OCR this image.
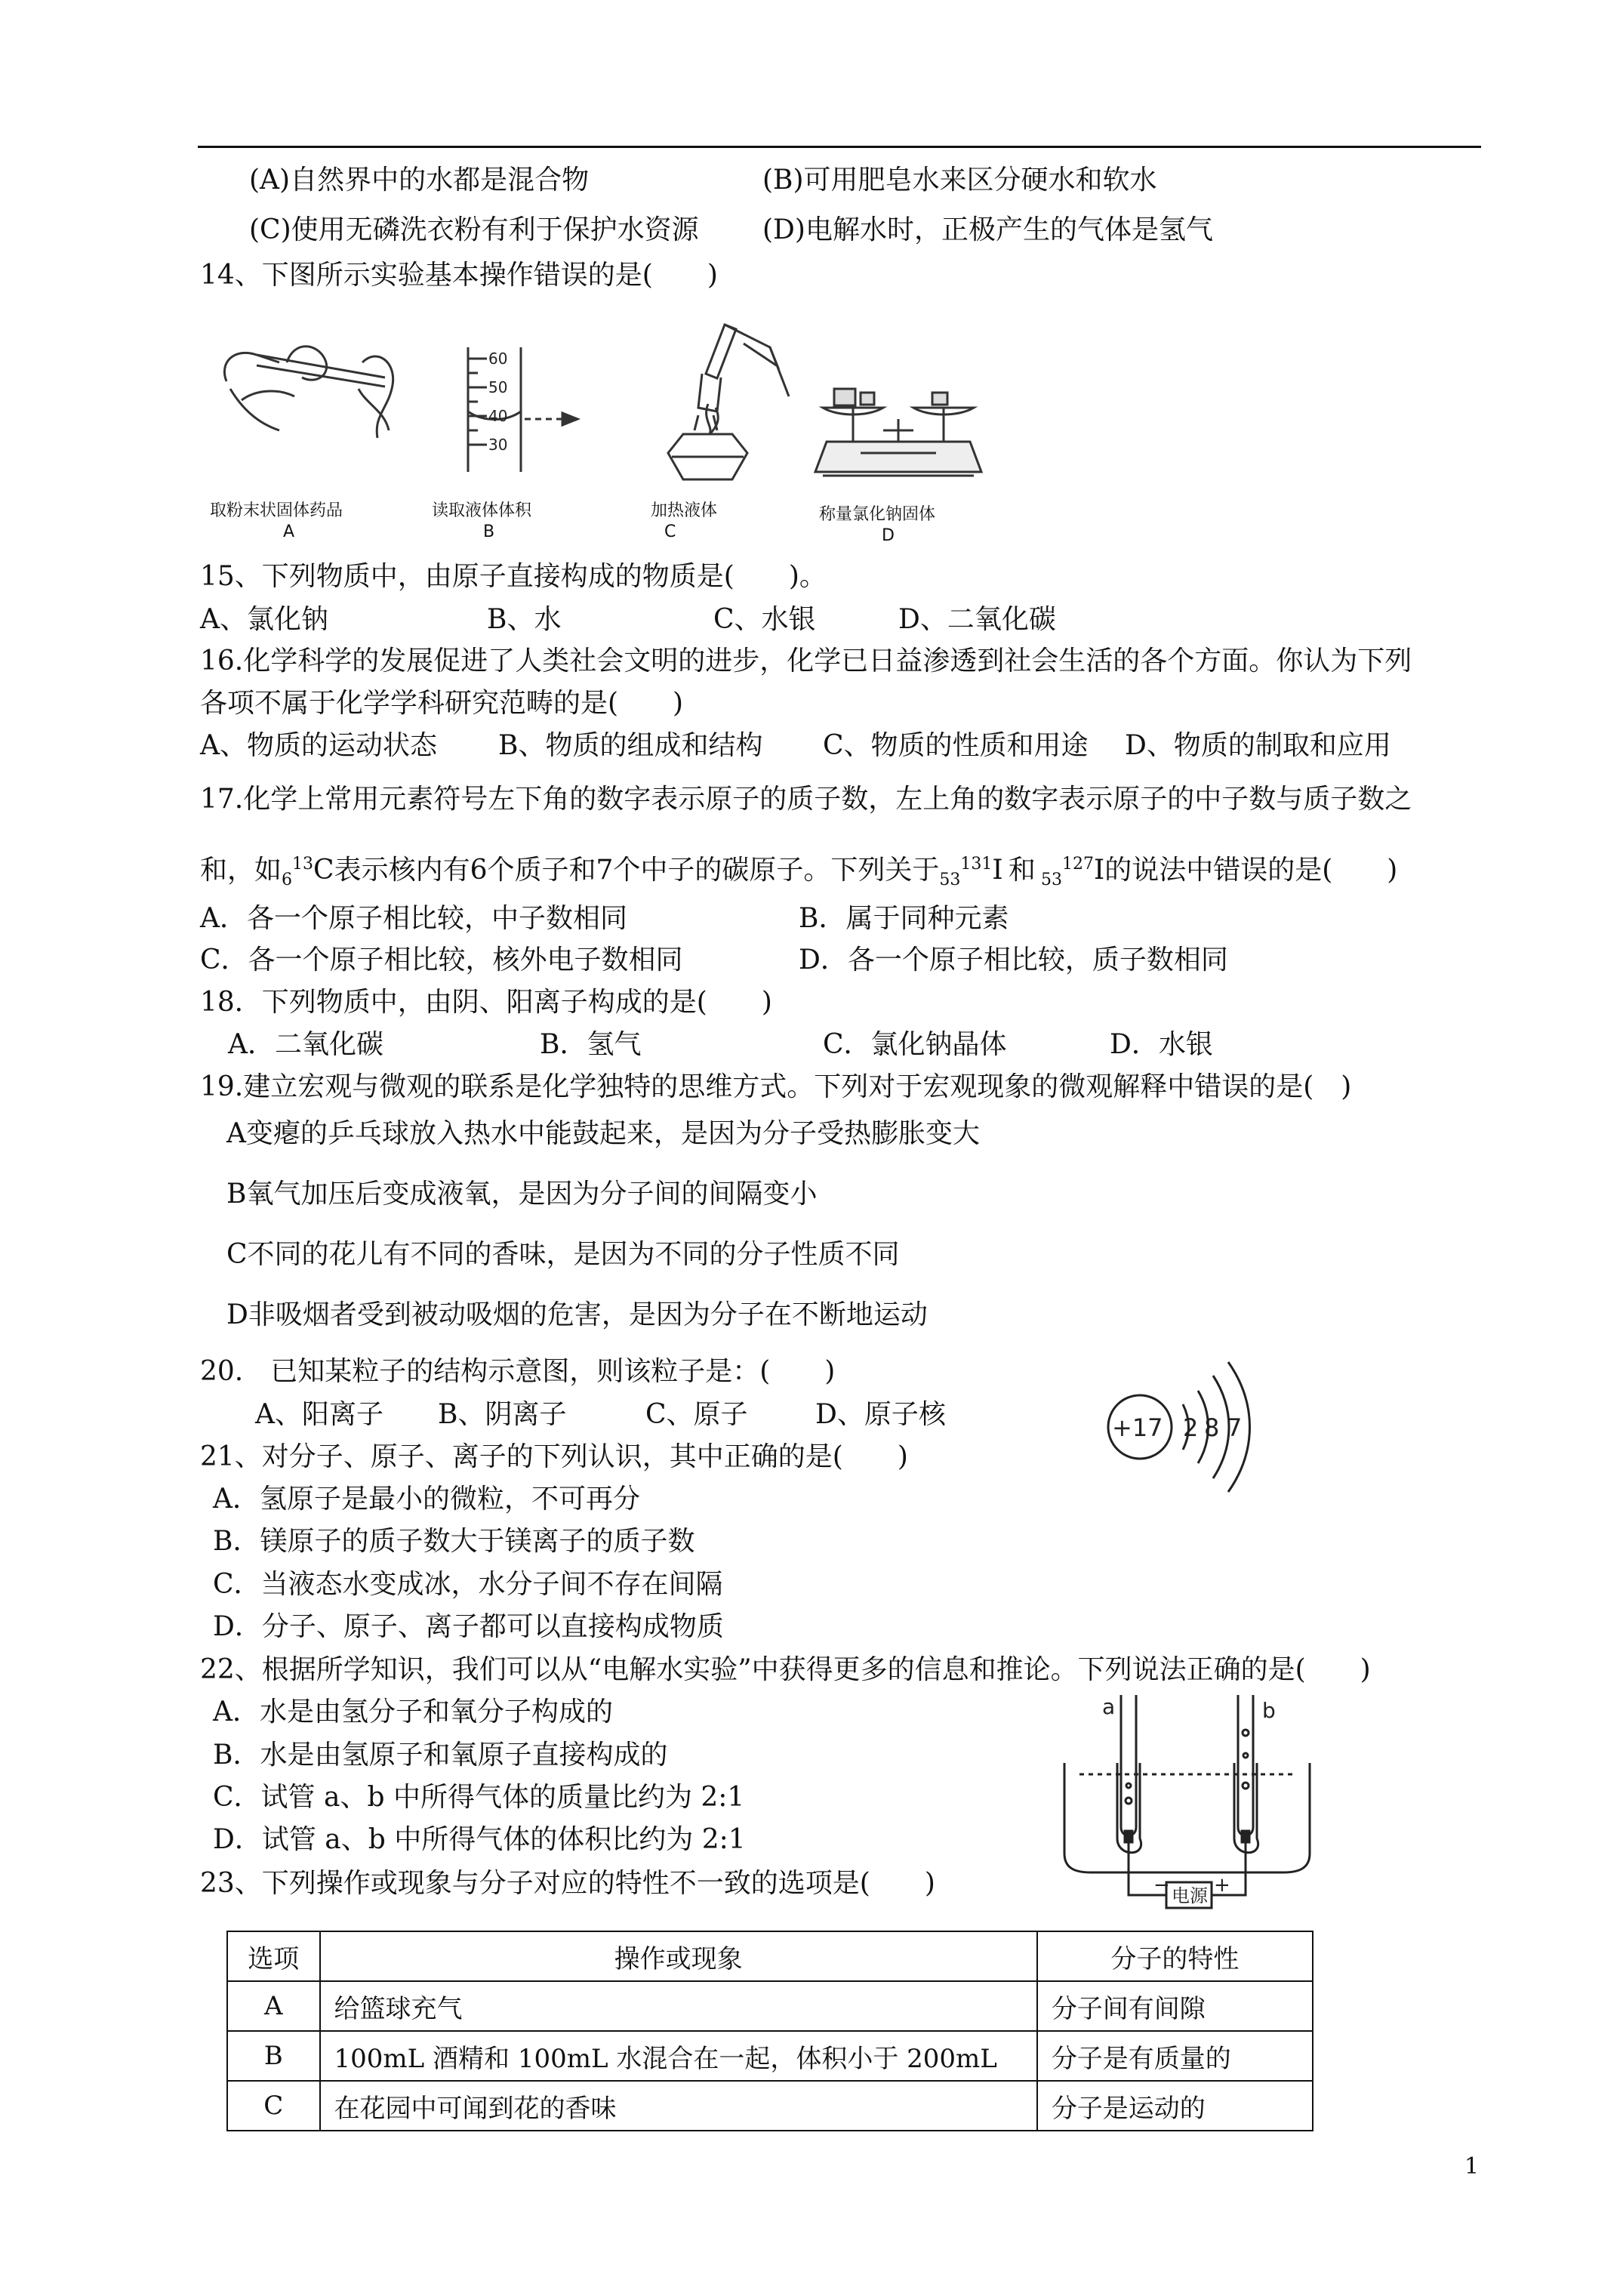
(A)自然界中的水都是混合物	(B)可用肥皂水来区分硬水和软水
(C)使用无磷洗衣粉有利于保护水资源 (D)电解水时，正极产生的气体是氢气
14、下图所示实验基本操作错误的是(　　)
取粉末状固体药品
A
60
50
40
30
读取液体体积
B
加热液体
C
称量氯化钠固体
D
15、下列物质中，由原子直接构成的物质是(　　)。
A、氯化钠	B、水	C、水银	D、二氧化碳
16.化学科学的发展促进了人类社会文明的进步，化学已日益渗透到社会生活的各个方面。你认为下列
各项不属于化学学科研究范畴的是(　　)
A、物质的运动状态 B、物质的组成和结构 C、物质的性质和用途 D、物质的制取和应用
17.化学上常用元素符号左下角的数字表示原子的质子数，左上角的数字表示原子的中子数与质子数之
和，如$_6^{13}$C表示核内有6个质子和7个中子的碳原子。下列关于$_{53}^{131}$I  和  $_{53}^{127}$I的说法中错误的是(　　)
A．各一个原子相比较，中子数相同	B．属于同种元素
C．各一个原子相比较，核外电子数相同	D．各一个原子相比较，质子数相同
18．下列物质中，由阴、阳离子构成的是(　　)
A．二氧化碳	B．氢气	C．氯化钠晶体	D．水银
19.建立宏观与微观的联系是化学独特的思维方式。下列对于宏观现象的微观解释中错误的是(　)
A变瘪的乒乓球放入热水中能鼓起来，是因为分子受热膨胀变大
B氧气加压后变成液氧，是因为分子间的间隔变小
C不同的花儿有不同的香味，是因为不同的分子性质不同
D非吸烟者受到被动吸烟的危害，是因为分子在不断地运动
20.　已知某粒子的结构示意图，则该粒子是：(　　)
A、阳离子 B、阴离子	C、原子 D、原子核	+17 2 8 7
21、对分子、原子、离子的下列认识，其中正确的是(　　)
A．氢原子是最小的微粒，不可再分
B．镁原子的质子数大于镁离子的质子数
C．当液态水变成冰，水分子间不存在间隔
D．分子、原子、离子都可以直接构成物质
22、根据所学知识，我们可以从“电解水实验”中获得更多的信息和推论。下列说法正确的是(　　)
A．水是由氢分子和氧分子构成的
B．水是由氢原子和氧原子直接构成的
C．试管 a、b 中所得气体的质量比约为 2:1
D．试管 a、b 中所得气体的体积比约为 2:1
a	b
电源
− +
23、下列操作或现象与分子对应的特性不一致的选项是(　　)
选项	操作或现象	分子的特性
A	给篮球充气	分子间有间隙
B	100mL 酒精和 100mL 水混合在一起，体积小于 200mL	分子是有质量的
C	在花园中可闻到花的香味	分子是运动的
1
